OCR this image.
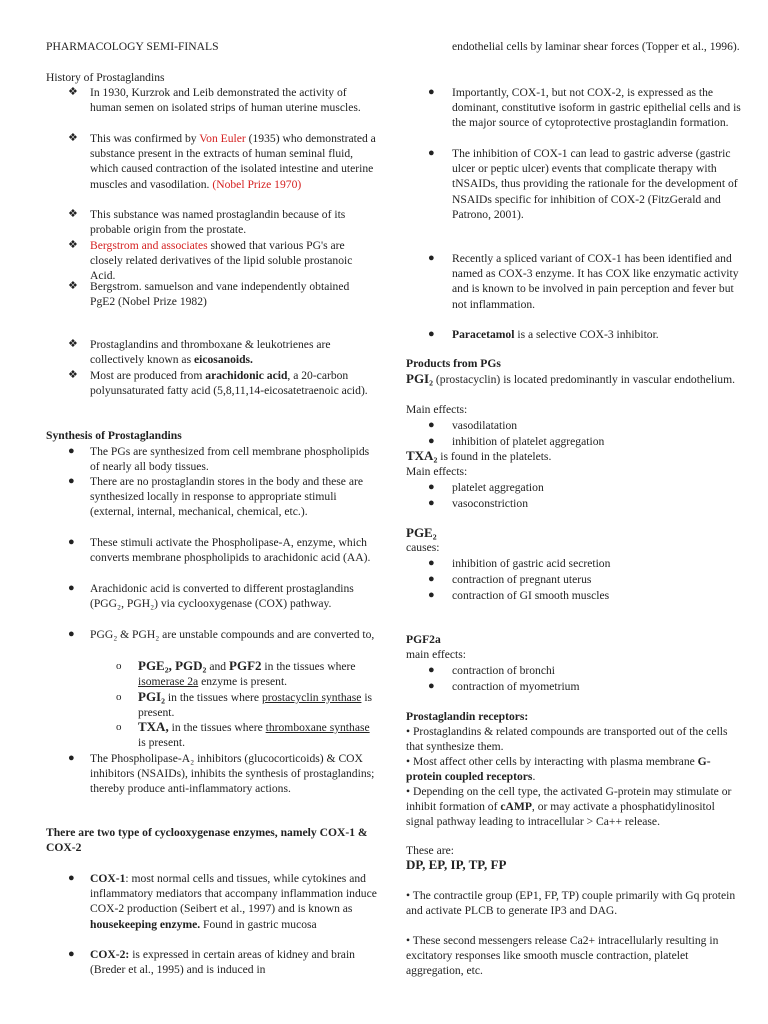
PHARMACOLOGY SEMI-FINALS
History of Prostaglandins
❖ In 1930, Kurzrok and Leib demonstrated the activity of human semen on isolated strips of human uterine muscles.
❖ This was confirmed by Von Euler (1935) who demonstrated a substance present in the extracts of human seminal fluid, which caused contraction of the isolated intestine and uterine muscles and vasodilation. (Nobel Prize 1970)
❖ This substance was named prostaglandin because of its probable origin from the prostate.
❖ Bergstrom and associates showed that various PG's are closely related derivatives of the lipid soluble prostanoic Acid.
❖ Bergstrom. samuelson and vane independently obtained PgE2 (Nobel Prize 1982)
❖ Prostaglandins and thromboxane & leukotrienes are collectively known as eicosanoids.
❖ Most are produced from arachidonic acid, a 20-carbon polyunsaturated fatty acid (5,8,11,14-eicosatetraenoic acid).
Synthesis of Prostaglandins
● The PGs are synthesized from cell membrane phospholipids of nearly all body tissues.
● There are no prostaglandin stores in the body and these are synthesized locally in response to appropriate stimuli (external, internal, mechanical, chemical, etc.).
● These stimuli activate the Phospholipase-A, enzyme, which converts membrane phospholipids to arachidonic acid (AA).
● Arachidonic acid is converted to different prostaglandins (PGG₂, PGH₂) via cyclooxygenase (COX) pathway.
● PGG₂ & PGH₂ are unstable compounds and are converted to,
o PGE₂, PGD₂ and PGF2 in the tissues where isomerase 2a enzyme is present.
o PGI₂ in the tissues where prostacyclin synthase is present.
o TXA, in the tissues where thromboxane synthase is present.
● The Phospholipase-A₂ inhibitors (glucocorticoids) & COX inhibitors (NSAIDs), inhibits the synthesis of prostaglandins; thereby produce anti-inflammatory actions.
There are two type of cyclooxygenase enzymes, namely COX-1 & COX-2
● COX-1: most normal cells and tissues, while cytokines and inflammatory mediators that accompany inflammation induce COX-2 production (Seibert et al., 1997) and is known as housekeeping enzyme. Found in gastric mucosa
● COX-2: is expressed in certain areas of kidney and brain (Breder et al., 1995) and is induced in
endothelial cells by laminar shear forces (Topper et al., 1996).
● Importantly, COX-1, but not COX-2, is expressed as the dominant, constitutive isoform in gastric epithelial cells and is the major source of cytoprotective prostaglandin formation.
● The inhibition of COX-1 can lead to gastric adverse (gastric ulcer or peptic ulcer) events that complicate therapy with tNSAIDs, thus providing the rationale for the development of NSAIDs specific for inhibition of COX-2 (FitzGerald and Patrono, 2001).
● Recently a spliced variant of COX-1 has been identified and named as COX-3 enzyme. It has COX like enzymatic activity and is known to be involved in pain perception and fever but not inflammation.
● Paracetamol is a selective COX-3 inhibitor.
Products from PGs
PGI₂ (prostacyclin) is located predominantly in vascular endothelium.
Main effects:
● vasodilatation
● inhibition of platelet aggregation
TXA₂ is found in the platelets.
Main effects:
● platelet aggregation
● vasoconstriction
PGE₂
causes:
● inhibition of gastric acid secretion
● contraction of pregnant uterus
● contraction of GI smooth muscles
PGF2a
main effects:
● contraction of bronchi
● contraction of myometrium
Prostaglandin receptors:
• Prostaglandins & related compounds are transported out of the cells that synthesize them.
• Most affect other cells by interacting with plasma membrane G-protein coupled receptors.
• Depending on the cell type, the activated G-protein may stimulate or inhibit formation of cAMP, or may activate a phosphatidylinositol signal pathway leading to intracellular > Ca++ release.
These are:
DP, EP, IP, TP, FP
• The contractile group (EP1, FP, TP) couple primarily with Gq protein and activate PLCB to generate IP3 and DAG.
• These second messengers release Ca2+ intracellularly resulting in excitatory responses like smooth muscle contraction, platelet aggregation, etc.
